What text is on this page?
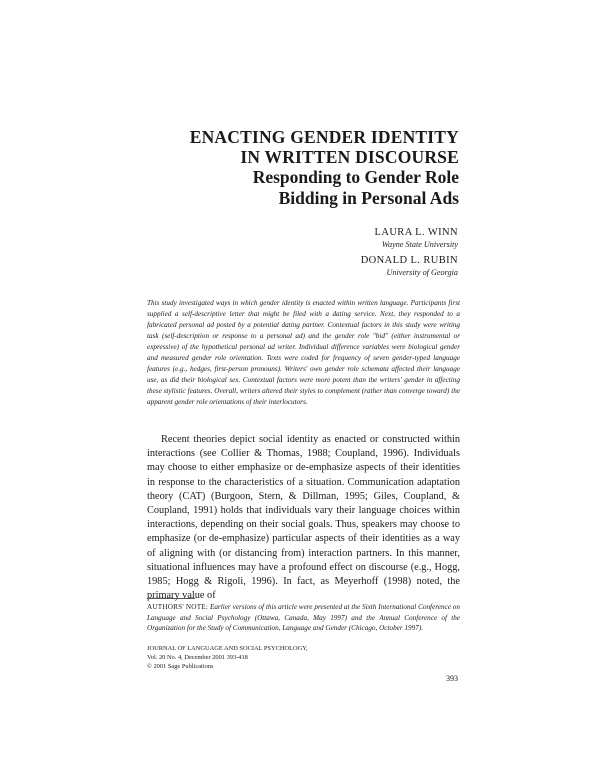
ENACTING GENDER IDENTITY
IN WRITTEN DISCOURSE
Responding to Gender Role
Bidding in Personal Ads
LAURA L. WINN
Wayne State University
DONALD L. RUBIN
University of Georgia
This study investigated ways in which gender identity is enacted within written language. Participants first supplied a self-descriptive letter that might be filed with a dating service. Next, they responded to a fabricated personal ad posted by a potential dating partner. Contextual factors in this study were writing task (self-description or response to a personal ad) and the gender role "bid" (either instrumental or expressive) of the hypothetical personal ad writer. Individual difference variables were biological gender and measured gender role orientation. Texts were coded for frequency of seven gender-typed language features (e.g., hedges, first-person pronouns). Writers' own gender role schemata affected their language use, as did their biological sex. Contextual factors were more potent than the writers' gender in affecting these stylistic features. Overall, writers altered their styles to complement (rather than converge toward) the apparent gender role orientations of their interlocutors.

Recent theories depict social identity as enacted or constructed within interactions (see Collier & Thomas, 1988; Coupland, 1996). Individuals may choose to either emphasize or de-emphasize aspects of their identities in response to the characteristics of a situation. Communication adaptation theory (CAT) (Burgoon, Stern, & Dillman, 1995; Giles, Coupland, & Coupland, 1991) holds that individuals vary their language choices within interactions, depending on their social goals. Thus, speakers may choose to emphasize (or de-emphasize) particular aspects of their identities as a way of aligning with (or distancing from) interaction partners. In this manner, situational influences may have a profound effect on discourse (e.g., Hogg, 1985; Hogg & Rigoli, 1996). In fact, as Meyerhoff (1998) noted, the primary value of

AUTHORS' NOTE: Earlier versions of this article were presented at the Sixth International Conference on Language and Social Psychology (Ottawa, Canada, May 1997) and the Annual Conference of the Organization for the Study of Communication, Language and Gender (Chicago, October 1997).
JOURNAL OF LANGUAGE AND SOCIAL PSYCHOLOGY,
Vol. 20 No. 4, December 2001 393-418
© 2001 Sage Publications
393
